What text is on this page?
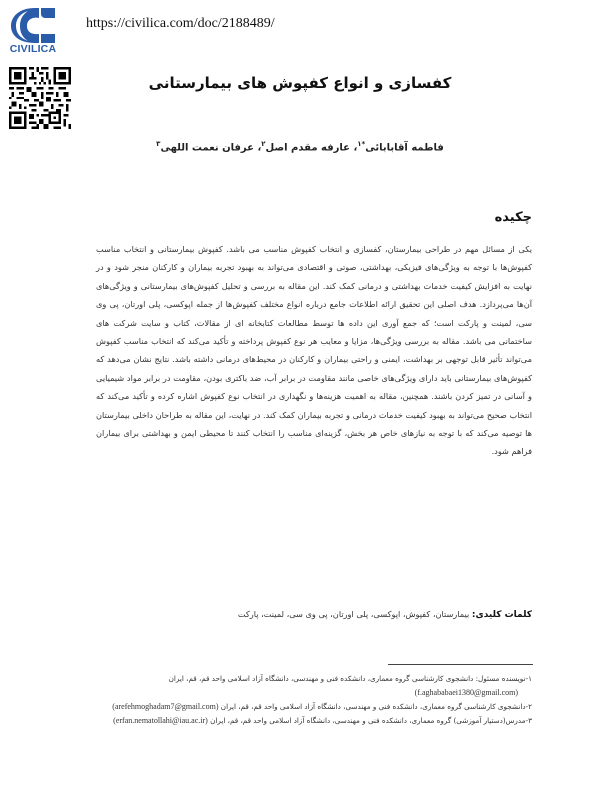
CIVILICA
https://civilica.com/doc/2188489/
کفسازی و انواع کفپوش های بیمارستانی
فاطمه آقابابائی$^{*۱}$، عارفه مقدم اصل$^۲$، عرفان نعمت اللهی$^۳$
چکیده

یکی از مسائل مهم در طراحی بیمارستان، کفسازی و انتخاب کفپوش مناسب می باشد. کفپوش بیمارستانی و انتخاب مناسب کفپوش‌ها با توجه به ویژگی‌های فیزیکی، بهداشتی، صوتی و اقتصادی می‌تواند به بهبود تجربه بیماران و کارکنان منجر شود و در نهایت به افزایش کیفیت خدمات بهداشتی و درمانی کمک کند. این مقاله به بررسی و تحلیل کفپوش‌های بیمارستانی و ویژگی‌های آن‌ها می‌پردازد. هدف اصلی این تحقیق ارائه اطلاعات جامع درباره انواع مختلف کفپوش‌ها از جمله اپوکسی، پلی اورتان، پی وی سی، لمینت و پارکت است؛ که جمع آوری این داده ها توسط مطالعات کتابخانه ای از مقالات، کتاب و سایت شرکت های ساختمانی می باشد. مقاله به بررسی ویژگی‌ها، مزایا و معایب هر نوع کفپوش پرداخته و تأکید می‌کند که انتخاب مناسب کفپوش می‌تواند تأثیر قابل توجهی بر بهداشت، ایمنی و راحتی بیماران و کارکنان در محیط‌های درمانی داشته باشد. نتایج نشان می‌دهد که کفپوش‌های بیمارستانی باید دارای ویژگی‌های خاصی مانند مقاومت در برابر آب، ضد باکتری بودن، مقاومت در برابر مواد شیمیایی و آسانی در تمیز کردن باشند. همچنین، مقاله به اهمیت هزینه‌ها و نگهداری در انتخاب نوع کفپوش اشاره کرده و تأکید می‌کند که انتخاب صحیح می‌تواند به بهبود کیفیت خدمات درمانی و تجربه بیماران کمک کند. در نهایت، این مقاله به طراحان داخلی بیمارستان ها توصیه می‌کند که با توجه به نیازهای خاص هر بخش، گزینه‌ای مناسب را انتخاب کنند تا محیطی ایمن و بهداشتی برای بیماران فراهم شود.

کلمات کلیدی: بیمارستان، کفپوش، اپوکسی، پلی اورتان، پی وی سی، لمینت، پارکت
۱-نویسنده مسئول: دانشجوی کارشناسی گروه معماری، دانشکده فنی و مهندسی، دانشگاه آزاد اسلامی واحد قم، قم، ایران
(f.aghababaei1380@gmail.com)
۲-دانشجوی کارشناسی گروه معماری، دانشکده فنی و مهندسی، دانشگاه آزاد اسلامی واحد قم، قم، ایران (arefehmoghadam7@gmail.com)
۳-مدرس(دستیار آموزشی) گروه معماری، دانشکده فنی و مهندسی، دانشگاه آزاد اسلامی واحد قم، قم، ایران (erfan.nematollahi@iau.ac.ir)
